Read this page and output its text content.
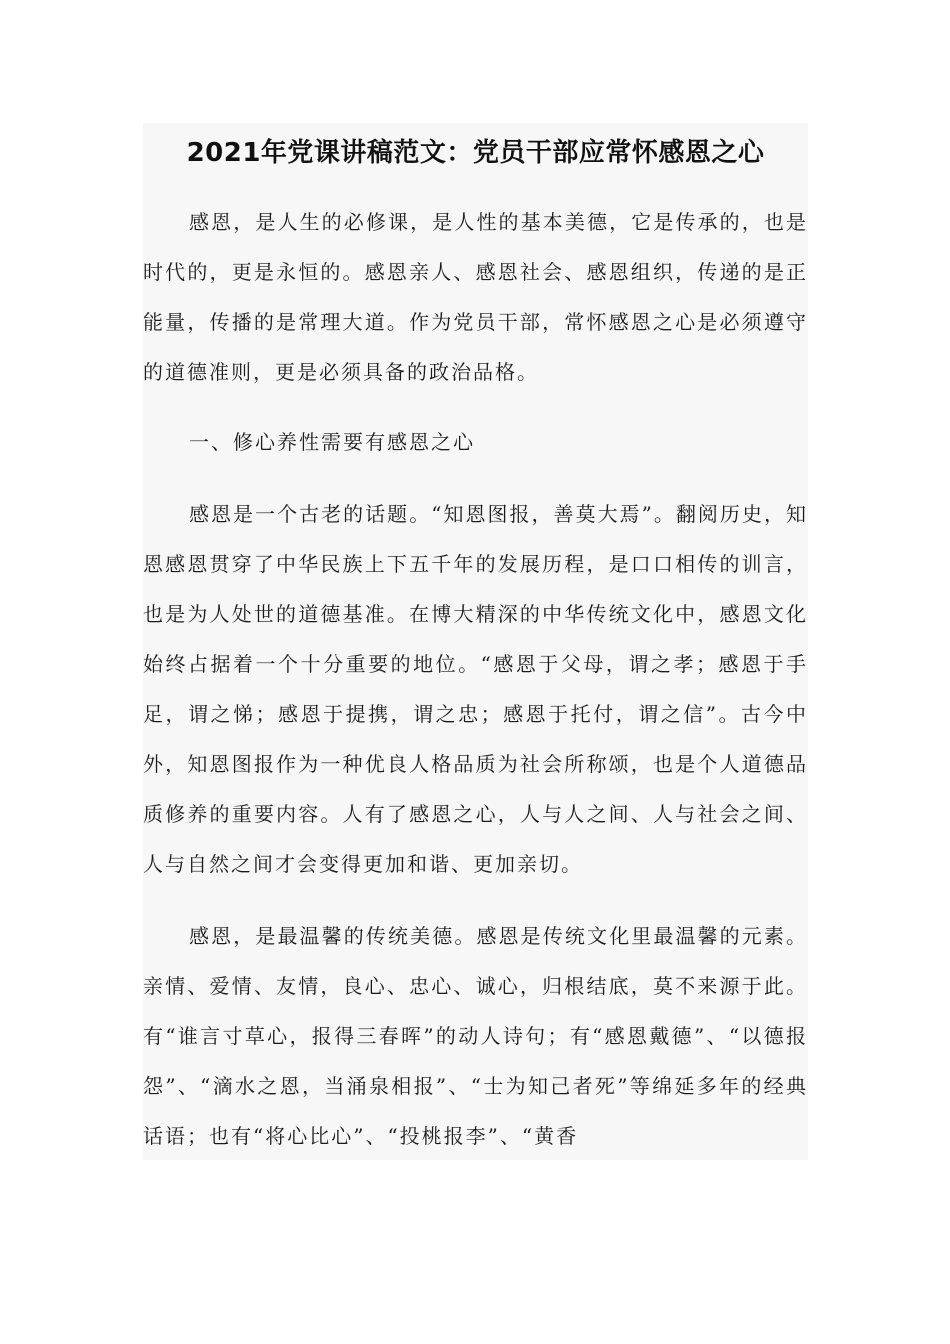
2021年党课讲稿范文：党员干部应常怀感恩之心

感恩，是人生的必修课，是人性的基本美德，它是传承的，也是时代的，更是永恒的。感恩亲人、感恩社会、感恩组织，传递的是正能量，传播的是常理大道。作为党员干部，常怀感恩之心是必须遵守的道德准则，更是必须具备的政治品格。

一、修心养性需要有感恩之心

感恩是一个古老的话题。“知恩图报，善莫大焉”。翻阅历史，知恩感恩贯穿了中华民族上下五千年的发展历程，是口口相传的训言，也是为人处世的道德基准。在博大精深的中华传统文化中，感恩文化始终占据着一个十分重要的地位。“感恩于父母，谓之孝；感恩于手足，谓之悌；感恩于提携，谓之忠；感恩于托付，谓之信”。古今中外，知恩图报作为一种优良人格品质为社会所称颂，也是个人道德品质修养的重要内容。人有了感恩之心，人与人之间、人与社会之间、人与自然之间才会变得更加和谐、更加亲切。

感恩，是最温馨的传统美德。感恩是传统文化里最温馨的元素。亲情、爱情、友情，良心、忠心、诚心，归根结底，莫不来源于此。有“谁言寸草心，报得三春晖”的动人诗句；有“感恩戴德”、“以德报怨”、“滴水之恩，当涌泉相报”、“士为知己者死”等绵延多年的经典话语；也有“将心比心”、“投桃报李”、“黄香
